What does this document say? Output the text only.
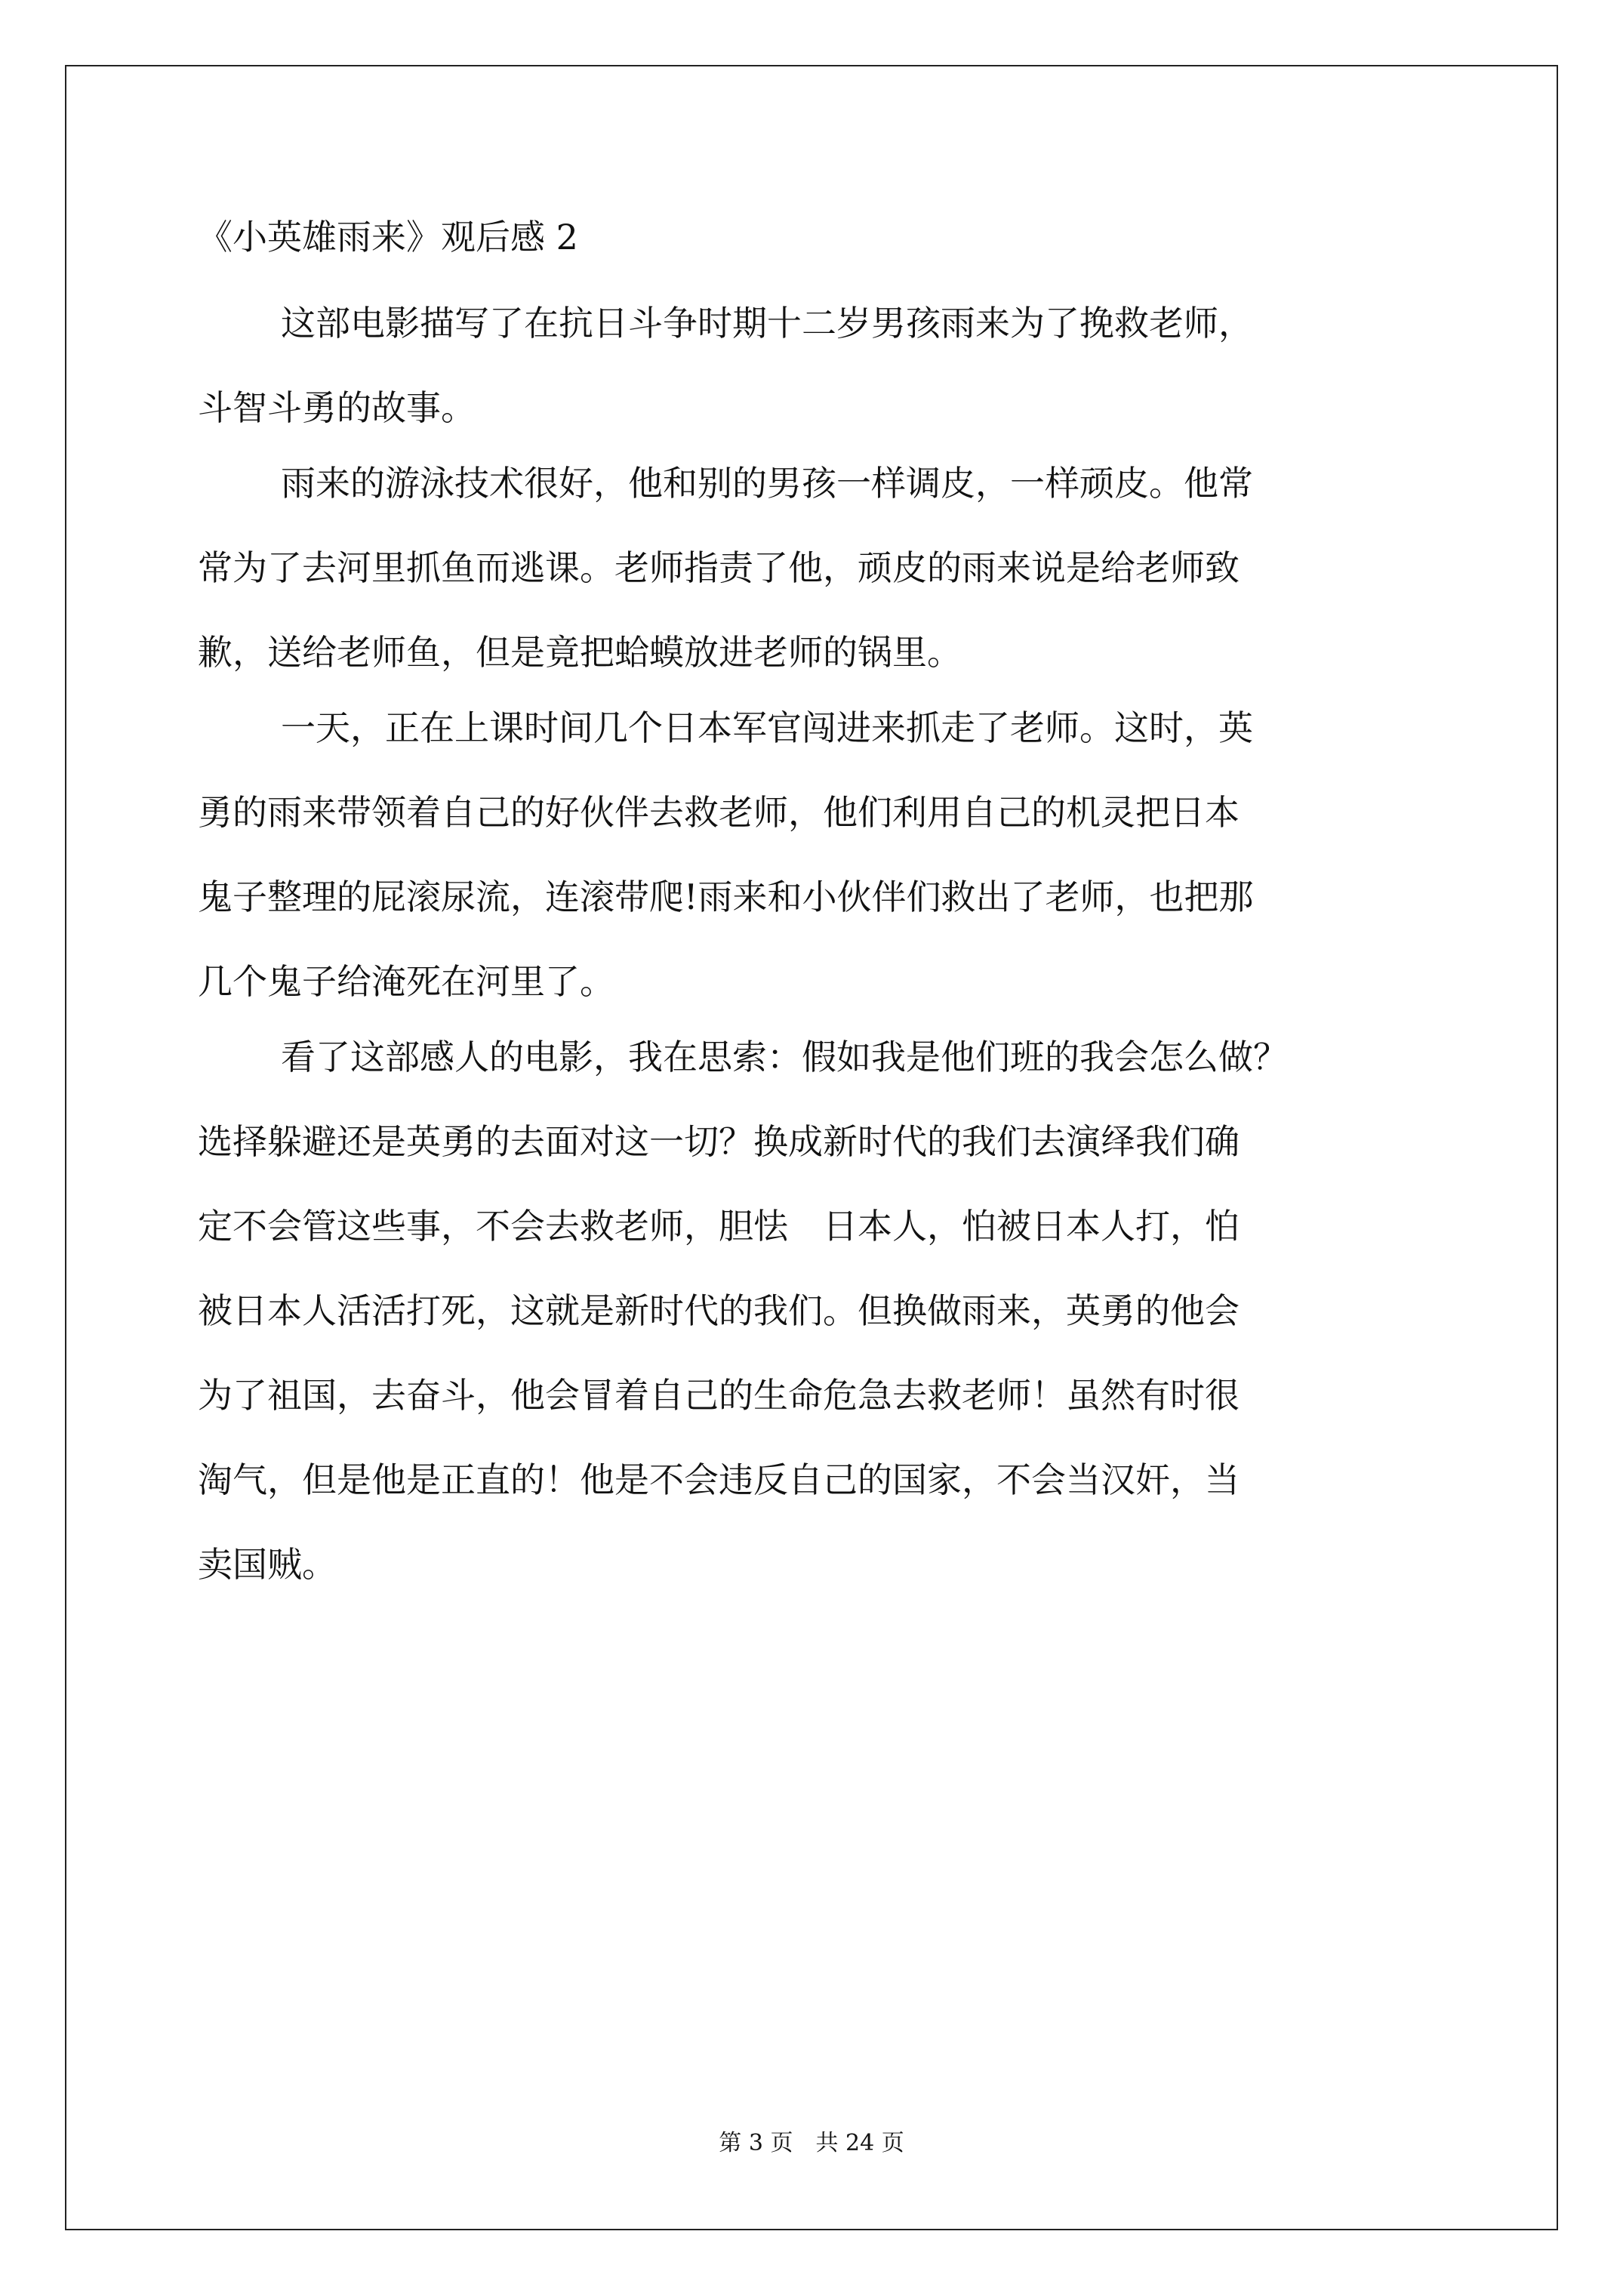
《小英雄雨来》观后感 2
这部电影描写了在抗日斗争时期十二岁男孩雨来为了挽救老师，
斗智斗勇的故事。
雨来的游泳技术很好，他和别的男孩一样调皮，一样顽皮。他常
常为了去河里抓鱼而逃课。老师指责了他，顽皮的雨来说是给老师致
歉，送给老师鱼，但是竟把蛤蟆放进老师的锅里。
一天，正在上课时间几个日本军官闯进来抓走了老师。这时，英
勇的雨来带领着自己的好伙伴去救老师，他们利用自己的机灵把日本
鬼子整理的屁滚尿流，连滚带爬!雨来和小伙伴们救出了老师，也把那
几个鬼子给淹死在河里了。
看了这部感人的电影，我在思索：假如我是他们班的我会怎么做？
选择躲避还是英勇的去面对这一切？换成新时代的我们去演绎我们确
定不会管这些事，不会去救老师，胆怯　日本人，怕被日本人打，怕
被日本人活活打死，这就是新时代的我们。但换做雨来，英勇的他会
为了祖国，去奋斗，他会冒着自己的生命危急去救老师！虽然有时很
淘气，但是他是正直的！他是不会违反自己的国家，不会当汉奸，当
卖国贼。
第 3 页　共 24 页
